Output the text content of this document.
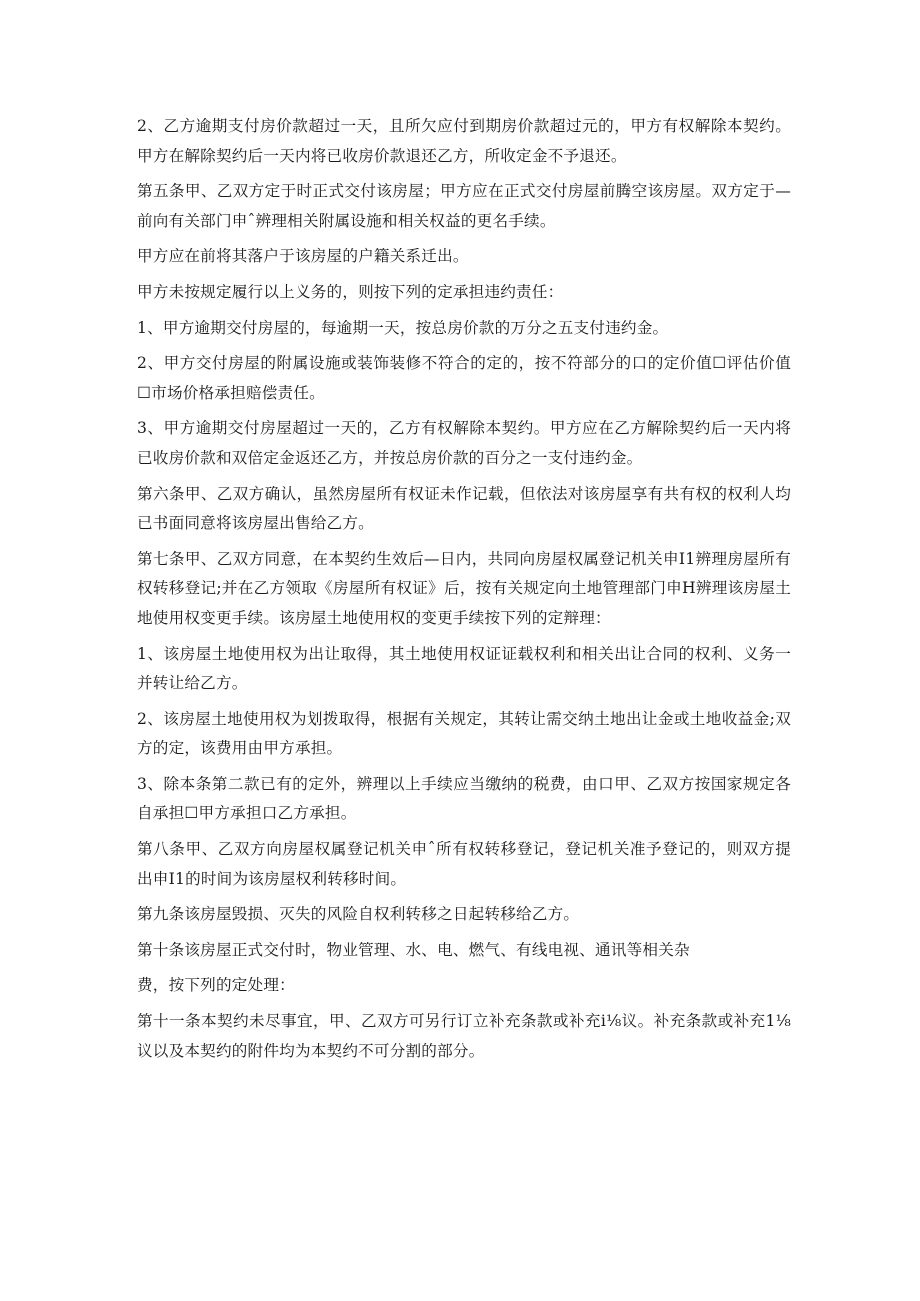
2、乙方逾期支付房价款超过一天，且所欠应付到期房价款超过元的，甲方有权解除本契约。甲方在解除契约后一天内将已收房价款退还乙方，所收定金不予退还。

第五条甲、乙双方定于时正式交付该房屋；甲方应在正式交付房屋前腾空该房屋。双方定于—前向有关部门申ˆ辨理相关附属设施和相关权益的更名手续。

甲方应在前将其落户于该房屋的户籍关系迁出。

甲方未按规定履行以上义务的，则按下列的定承担违约责任：

1、甲方逾期交付房屋的，每逾期一天，按总房价款的万分之五支付违约金。

2、甲方交付房屋的附属设施或装饰装修不符合的定的，按不符部分的口的定价值☐评估价值☐市场价格承担赔偿责任。

3、甲方逾期交付房屋超过一天的，乙方有权解除本契约。甲方应在乙方解除契约后一天内将已收房价款和双倍定金返还乙方，并按总房价款的百分之一支付违约金。

第六条甲、乙双方确认，虽然房屋所有权证未作记载，但依法对该房屋享有共有权的权利人均已书面同意将该房屋出售给乙方。

第七条甲、乙双方同意，在本契约生效后—日内，共同向房屋权属登记机关申I1辨理房屋所有权转移登记;并在乙方领取《房屋所有权证》后，按有关规定向土地管理部门申H辨理该房屋土地使用权变更手续。该房屋土地使用权的变更手续按下列的定辩理：

1、该房屋土地使用权为出让取得，其土地使用权证证载权利和相关出让合同的权利、义务一并转让给乙方。

2、该房屋土地使用权为划拨取得，根据有关规定，其转让需交纳土地出让金或土地收益金;双方的定，该费用由甲方承担。

3、除本条第二款已有的定外，辨理以上手续应当缴纳的税费，由口甲、乙双方按国家规定各自承担☐甲方承担口乙方承担。

第八条甲、乙双方向房屋权属登记机关申ˆ所有权转移登记，登记机关准予登记的，则双方提出申I1的时间为该房屋权利转移时间。

第九条该房屋毁损、灭失的风险自权利转移之日起转移给乙方。

第十条该房屋正式交付时，物业管理、水、电、燃气、有线电视、通讯等相关杂

费，按下列的定处理：

第十一条本契约未尽事宜，甲、乙双方可另行订立补充条款或补充i⅛议。补充条款或补充1⅛议以及本契约的附件均为本契约不可分割的部分。
